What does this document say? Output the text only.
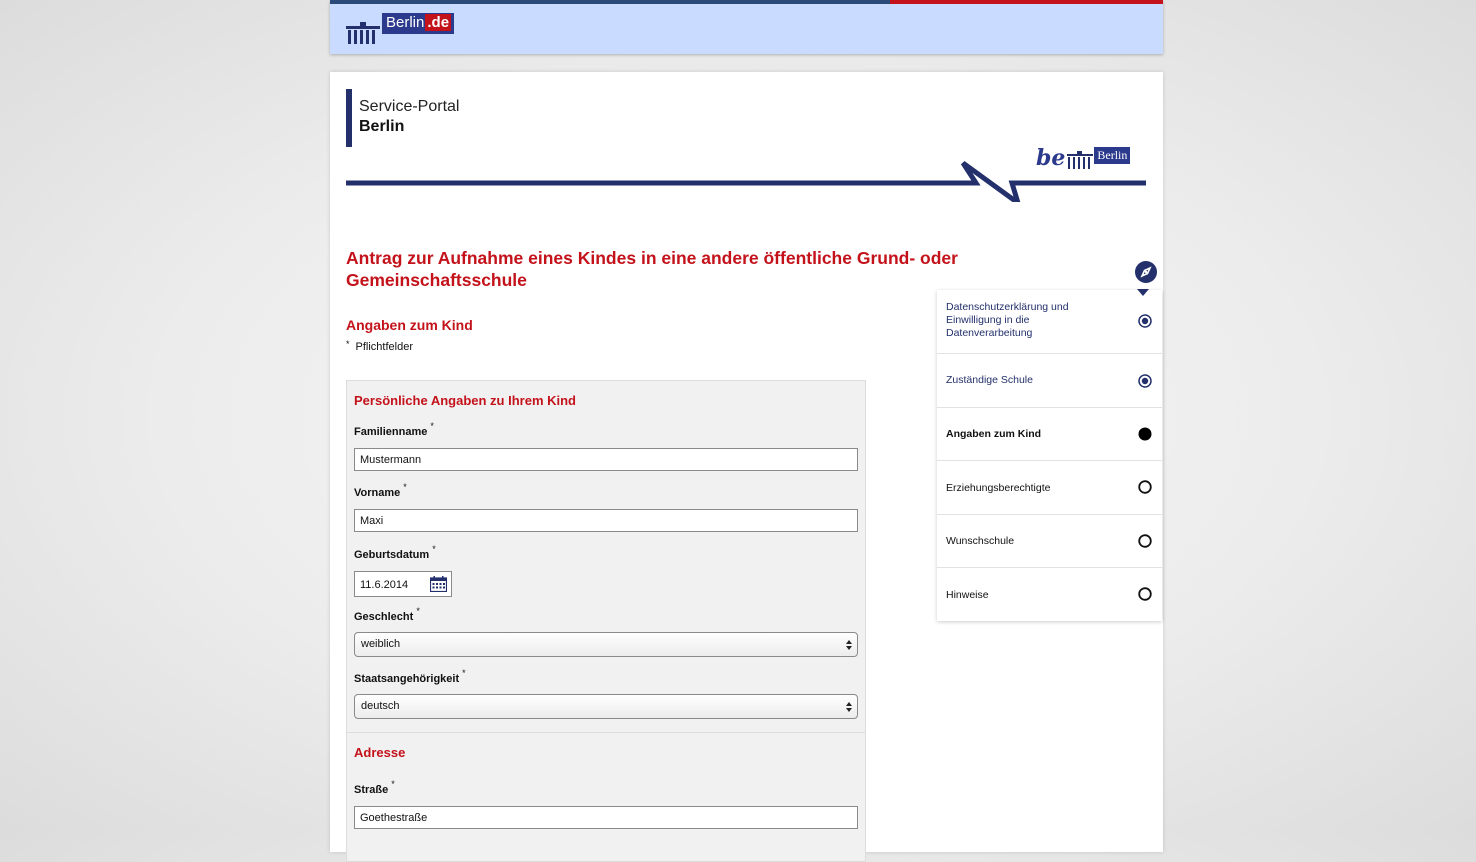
Berlin .de
Service-Portal
Berlin
be	Berlin
Antrag zur Aufnahme eines Kindes in eine andere öffentliche Grund- oder Gemeinschaftsschule
Angaben zum Kind
* Pflichtfelder
Persönliche Angaben zu Ihrem Kind
Familienname *
Mustermann
Vorname *
Maxi
Geburtsdatum *
11.6.2014
Geschlecht *
weiblich
Staatsangehörigkeit *
deutsch
Adresse
Straße *
Goethestraße
Datenschutzerklärung und Einwilligung in die Datenverarbeitung
Zuständige Schule
Angaben zum Kind
Erziehungsberechtigte
Wunschschule
Hinweise
